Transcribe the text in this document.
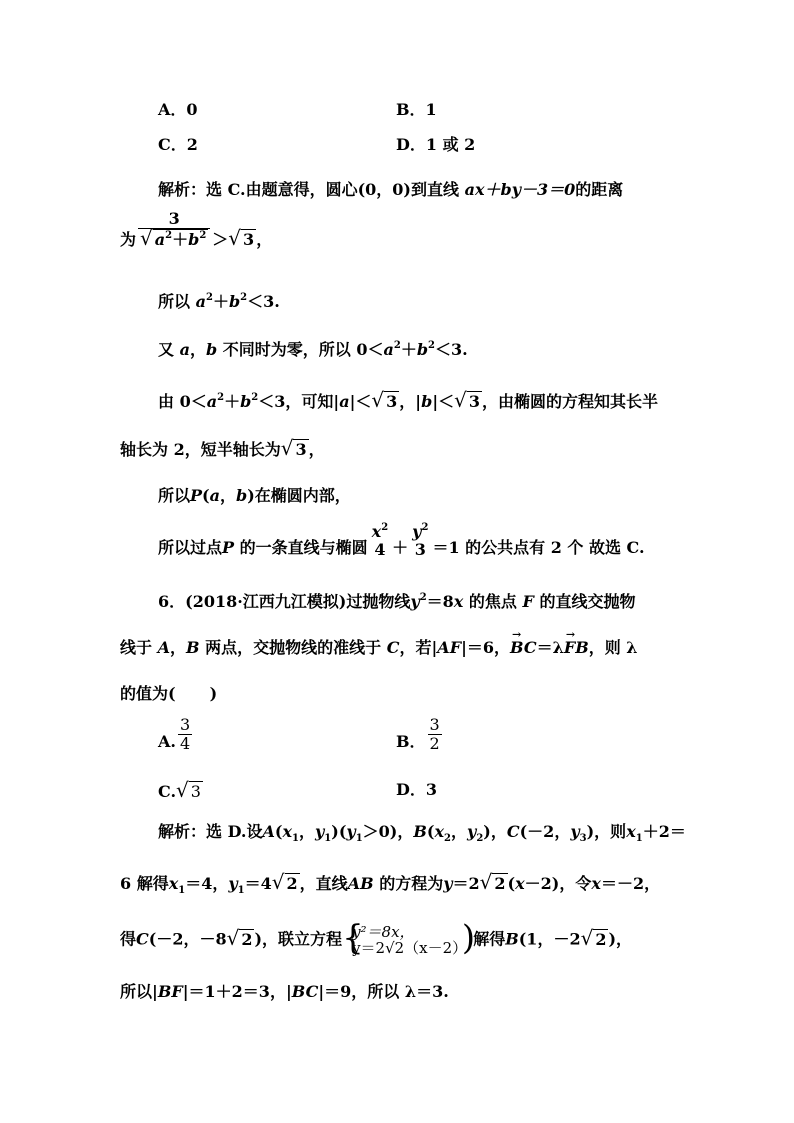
A．0	B．1
C．2	D．1 或 2
解析：选 C.由题意得，圆心(0，0)到直线 ax＋by－3＝0的距离
为 $\frac{3}{√ a^2+b^2}$ ＞√ 3 ，
所以 $a^2+b^2<3$.
又 a，b 不同时为零，所以 $0<a^2+b^2<3$.
由 $0<a^2+b^2<3$，可知|a|＜√ 3 ，|b|＜√ 3 ，由椭圆的方程知其长半
轴长为 2，短半轴长为√ 3 ，
所以P(a，b)在椭圆内部，
所以过点P 的一条直线与椭圆
$x^2$
4 ＋
$y^2$
3 ＝1 的公共点有 2 个 故选 C.
6．(2018·江西九江模拟)过抛物线$y^2=8x$ 的焦点 F 的直线交抛物
线于 A，B 两点，交抛物线的准线于 C，若|AF|＝6，→ BC＝λ→ FB，则 λ
的值为( )
A. $\frac{3}{4}$	B． $\frac{3}{2}$
C.√ 3	D．3
解析：选 D.设$A(x_1$，$y_1)(y_1>0)$，$B(x_2$，$y_2$)，C(－2，$y_3$)，则$x_1+2=$
6 解得$x_1=4$，$y_1=4√$ 2 ，直线AB 的方程为y＝2√ 2 (x－2)，令x＝－2，
得C(－2，－8√ 2 )，联立方程 {
y²＝8x，
y＝2√2（x－2）
)
解得B(1，－2√ 2 )，
所以|BF|＝1＋2＝3，|BC|＝9，所以 λ＝3.
